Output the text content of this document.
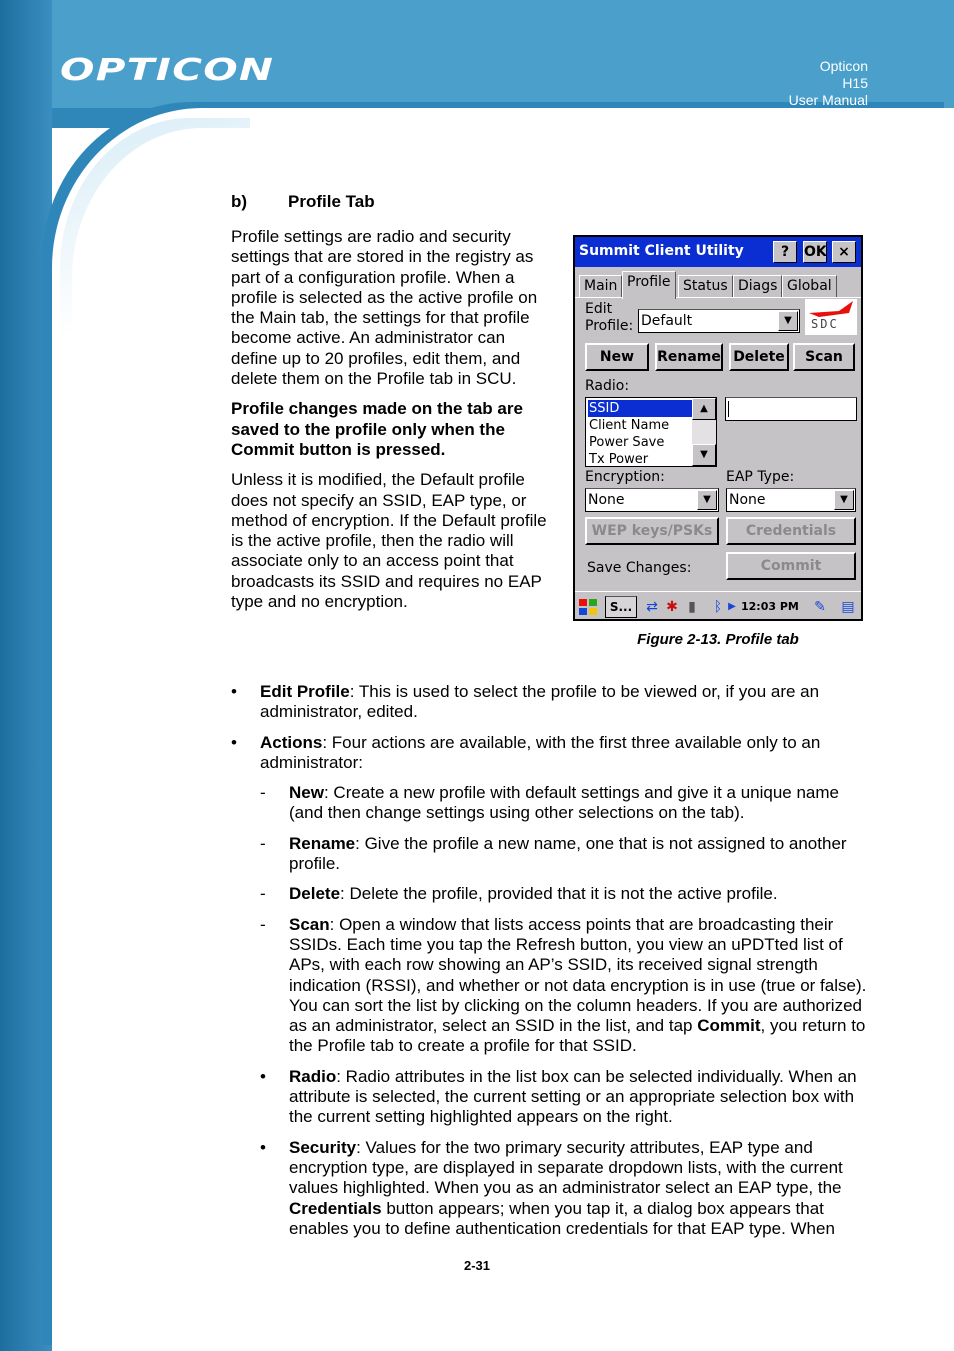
OPTICON	Opticon
H15
User Manual
b) Profile Tab

Profile settings are radio and security settings that are stored in the registry as part of a configuration profile. When a profile is selected as the active profile on the Main tab, the settings for that profile become active. An administrator can define up to 20 profiles, edit them, and delete them on the Profile tab in SCU.

Profile changes made on the tab are saved to the profile only when the Commit button is pressed.

Unless it is modified, the Default profile does not specify an SSID, EAP type, or method of encryption. If the Default profile is the active profile, then the radio will associate only to an access point that broadcasts its SSID and requires no EAP type and no encryption.

Summit Client Utility	?	OK ×
Main Profile Status Diags Global
Edit
Profile: Default	▼	SDC
New	Rename Delete	Scan
Radio:
SSID
Client Name
Power Save
Tx Power
▲
▼
Encryption:
None	▼
EAP Type:
None	▼
WEP keys/PSKs	Credentials
Save Changes:	Commit
S... ⇄ ✱ ▮	ᛒ ▶ 12:03 PM ✎ ▤
Figure 2-13. Profile tab
• Edit Profile: This is used to select the profile to be viewed or, if you are an administrator, edited.
• Actions: Four actions are available, with the first three available only to an administrator:
- New: Create a new profile with default settings and give it a unique name (and then change settings using other selections on the tab).
- Rename: Give the profile a new name, one that is not assigned to another profile.
- Delete: Delete the profile, provided that it is not the active profile.
- Scan: Open a window that lists access points that are broadcasting their SSIDs. Each time you tap the Refresh button, you view an uPDTted list of APs, with each row showing an AP’s SSID, its received signal strength indication (RSSI), and whether or not data encryption is in use (true or false). You can sort the list by clicking on the column headers. If you are authorized as an administrator, select an SSID in the list, and tap Commit, you return to the Profile tab to create a profile for that SSID.
• Radio: Radio attributes in the list box can be selected individually. When an attribute is selected, the current setting or an appropriate selection box with the current setting highlighted appears on the right.
• Security: Values for the two primary security attributes, EAP type and encryption type, are displayed in separate dropdown lists, with the current values highlighted. When you as an administrator select an EAP type, the Credentials button appears; when you tap it, a dialog box appears that enables you to define authentication credentials for that EAP type. When
2-31
